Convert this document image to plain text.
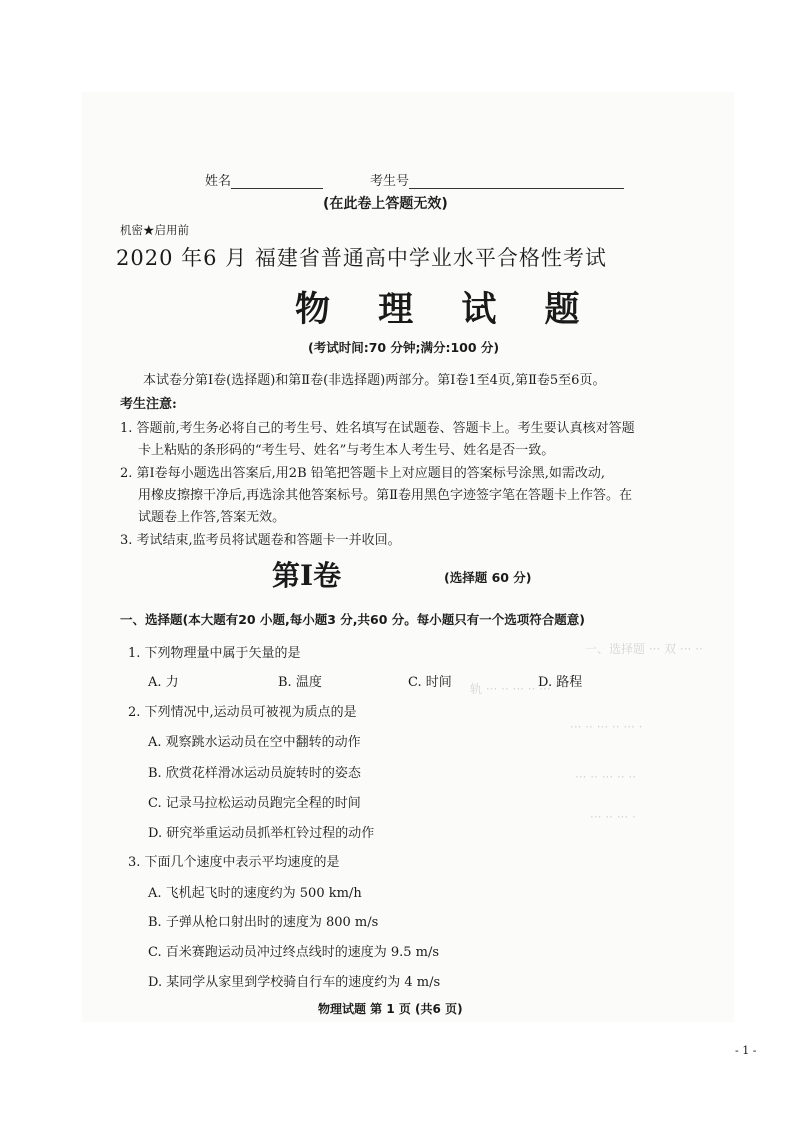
一、选择题 ··· 双 ··· ··
轨 ··· ·· ··· ·· ···
··· ·· ··· ·· ··· ·
··· ·· ··· ·· ··
··· ·· ··· ·
姓名	考生号
(在此卷上答题无效)
机密★启用前
2020 年6 月 福建省普通高中学业水平合格性考试
物 理 试 题
(考试时间:70 分钟;满分:100 分)
本试卷分第Ⅰ卷(选择题)和第Ⅱ卷(非选择题)两部分。第Ⅰ卷1至4页,第Ⅱ卷5至6页。
考生注意:
1. 答题前,考生务必将自己的考生号、姓名填写在试题卷、答题卡上。考生要认真核对答题
卡上粘贴的条形码的“考生号、姓名”与考生本人考生号、姓名是否一致。
2. 第Ⅰ卷每小题选出答案后,用2B 铅笔把答题卡上对应题目的答案标号涂黑,如需改动,
用橡皮擦擦干净后,再选涂其他答案标号。第Ⅱ卷用黑色字迹签字笔在答题卡上作答。在
试题卷上作答,答案无效。
3. 考试结束,监考员将试题卷和答题卡一并收回。
第Ⅰ卷	(选择题 60 分)
一、选择题(本大题有20 小题,每小题3 分,共60 分。每小题只有一个选项符合题意)
1. 下列物理量中属于矢量的是
A. 力	B. 温度	C. 时间	D. 路程
2. 下列情况中,运动员可被视为质点的是
A. 观察跳水运动员在空中翻转的动作
B. 欣赏花样滑冰运动员旋转时的姿态
C. 记录马拉松运动员跑完全程的时间
D. 研究举重运动员抓举杠铃过程的动作
3. 下面几个速度中表示平均速度的是
A. 飞机起飞时的速度约为 500 km/h
B. 子弹从枪口射出时的速度为 800 m/s
C. 百米赛跑运动员冲过终点线时的速度为 9.5 m/s
D. 某同学从家里到学校骑自行车的速度约为 4 m/s
物理试题 第 1 页 (共6 页)
- 1 -
